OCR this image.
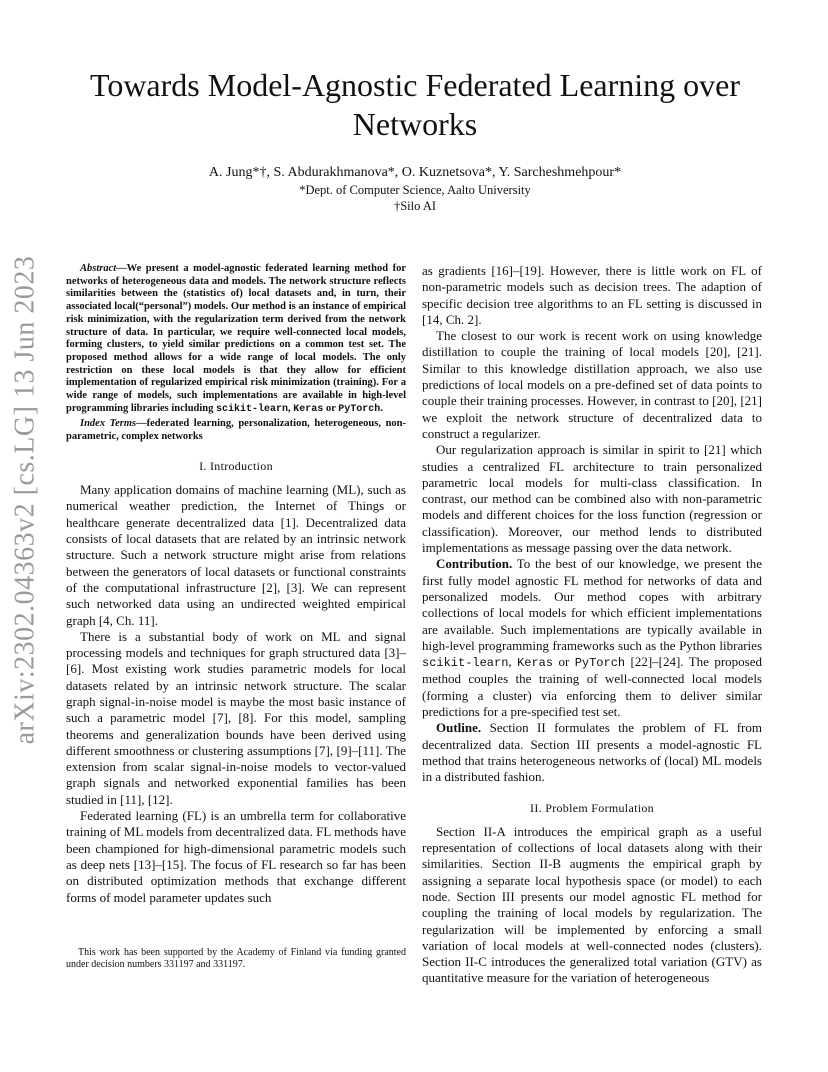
arXiv:2302.04363v2 [cs.LG] 13 Jun 2023
Towards Model-Agnostic Federated Learning over Networks
A. Jung*†, S. Abdurakhmanova*, O. Kuznetsova*, Y. Sarcheshmehpour*
*Dept. of Computer Science, Aalto University
†Silo AI
Abstract—We present a model-agnostic federated learning method for networks of heterogeneous data and models. The network structure reflects similarities between the (statistics of) local datasets and, in turn, their associated local(“personal”) models. Our method is an instance of empirical risk minimization, with the regularization term derived from the network structure of data. In particular, we require well-connected local models, forming clusters, to yield similar predictions on a common test set. The proposed method allows for a wide range of local models. The only restriction on these local models is that they allow for efficient implementation of regularized empirical risk minimization (training). For a wide range of models, such implementations are available in high-level programming libraries including scikit-learn, Keras or PyTorch.
Index Terms—federated learning, personalization, heterogeneous, non-parametric, complex networks
I. Introduction

Many application domains of machine learning (ML), such as numerical weather prediction, the Internet of Things or healthcare generate decentralized data [1]. Decentralized data consists of local datasets that are related by an intrinsic network structure. Such a network structure might arise from relations between the generators of local datasets or functional constraints of the computational infrastructure [2], [3]. We can represent such networked data using an undirected weighted empirical graph [4, Ch. 11].

There is a substantial body of work on ML and signal processing models and techniques for graph structured data [3]–[6]. Most existing work studies parametric models for local datasets related by an intrinsic network structure. The scalar graph signal-in-noise model is maybe the most basic instance of such a parametric model [7], [8]. For this model, sampling theorems and generalization bounds have been derived using different smoothness or clustering assumptions [7], [9]–[11]. The extension from scalar signal-in-noise models to vector-valued graph signals and networked exponential families has been studied in [11], [12].

Federated learning (FL) is an umbrella term for collaborative training of ML models from decentralized data. FL methods have been championed for high-dimensional parametric models such as deep nets [13]–[15]. The focus of FL research so far has been on distributed optimization methods that exchange different forms of model parameter updates such

This work has been supported by the Academy of Finland via funding granted under decision numbers 331197 and 331197.

as gradients [16]–[19]. However, there is little work on FL of non-parametric models such as decision trees. The adaption of specific decision tree algorithms to an FL setting is discussed in [14, Ch. 2].

The closest to our work is recent work on using knowledge distillation to couple the training of local models [20], [21]. Similar to this knowledge distillation approach, we also use predictions of local models on a pre-defined set of data points to couple their training processes. However, in contrast to [20], [21] we exploit the network structure of decentralized data to construct a regularizer.

Our regularization approach is similar in spirit to [21] which studies a centralized FL architecture to train personalized parametric local models for multi-class classification. In contrast, our method can be combined also with non-parametric models and different choices for the loss function (regression or classification). Moreover, our method lends to distributed implementations as message passing over the data network.

Contribution. To the best of our knowledge, we present the first fully model agnostic FL method for networks of data and personalized models. Our method copes with arbitrary collections of local models for which efficient implementations are available. Such implementations are typically available in high-level programming frameworks such as the Python libraries scikit-learn, Keras or PyTorch [22]–[24]. The proposed method couples the training of well-connected local models (forming a cluster) via enforcing them to deliver similar predictions for a pre-specified test set.

Outline. Section II formulates the problem of FL from decentralized data. Section III presents a model-agnostic FL method that trains heterogeneous networks of (local) ML models in a distributed fashion.

II. Problem Formulation

Section II-A introduces the empirical graph as a useful representation of collections of local datasets along with their similarities. Section II-B augments the empirical graph by assigning a separate local hypothesis space (or model) to each node. Section III presents our model agnostic FL method for coupling the training of local models by regularization. The regularization will be implemented by enforcing a small variation of local models at well-connected nodes (clusters). Section II-C introduces the generalized total variation (GTV) as quantitative measure for the variation of heterogeneous
